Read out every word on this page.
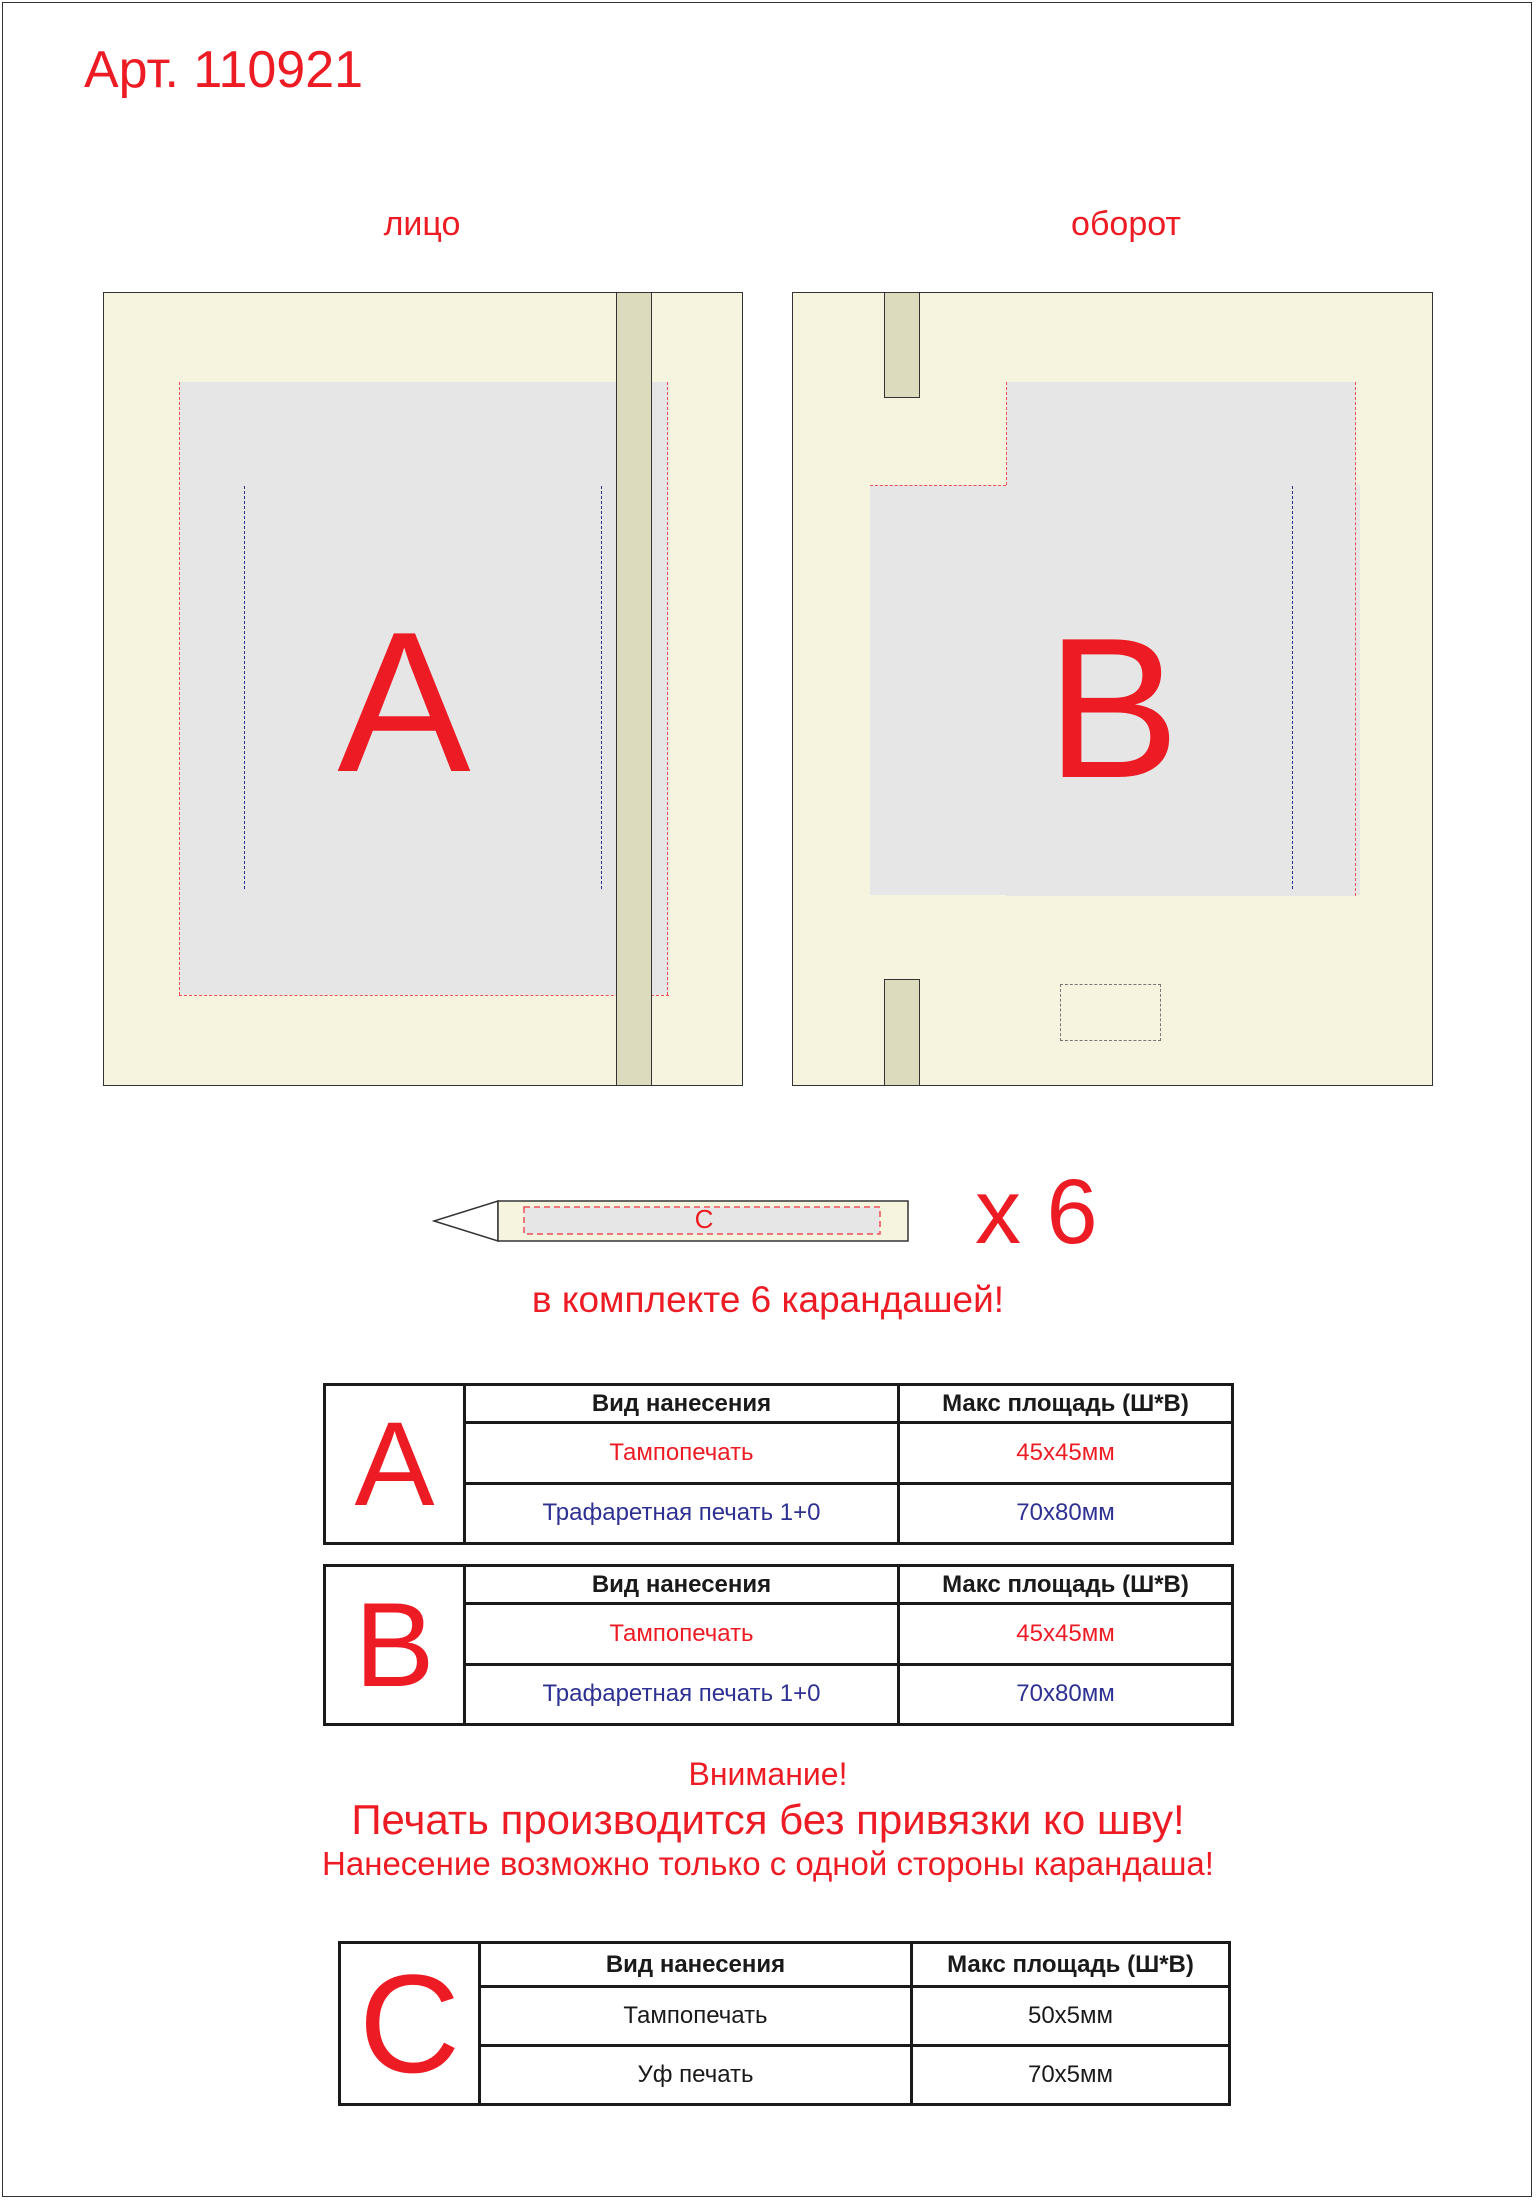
Арт. 110921
лицо	оборот
A	B
C	x 6
в комплекте 6 карандашей!
A	Вид нанесения	Макс площадь (Ш*В)
	Тампопечать	45х45мм
	Трафаретная печать 1+0	70х80мм
B	Вид нанесения	Макс площадь (Ш*В)
	Тампопечать	45х45мм
	Трафаретная печать 1+0	70х80мм
Внимание!
Печать производится без привязки ко шву!
Нанесение возможно только с одной стороны карандаша!
C	Вид нанесения	Макс площадь (Ш*В)
	Тампопечать	50х5мм
	Уф печать	70х5мм
